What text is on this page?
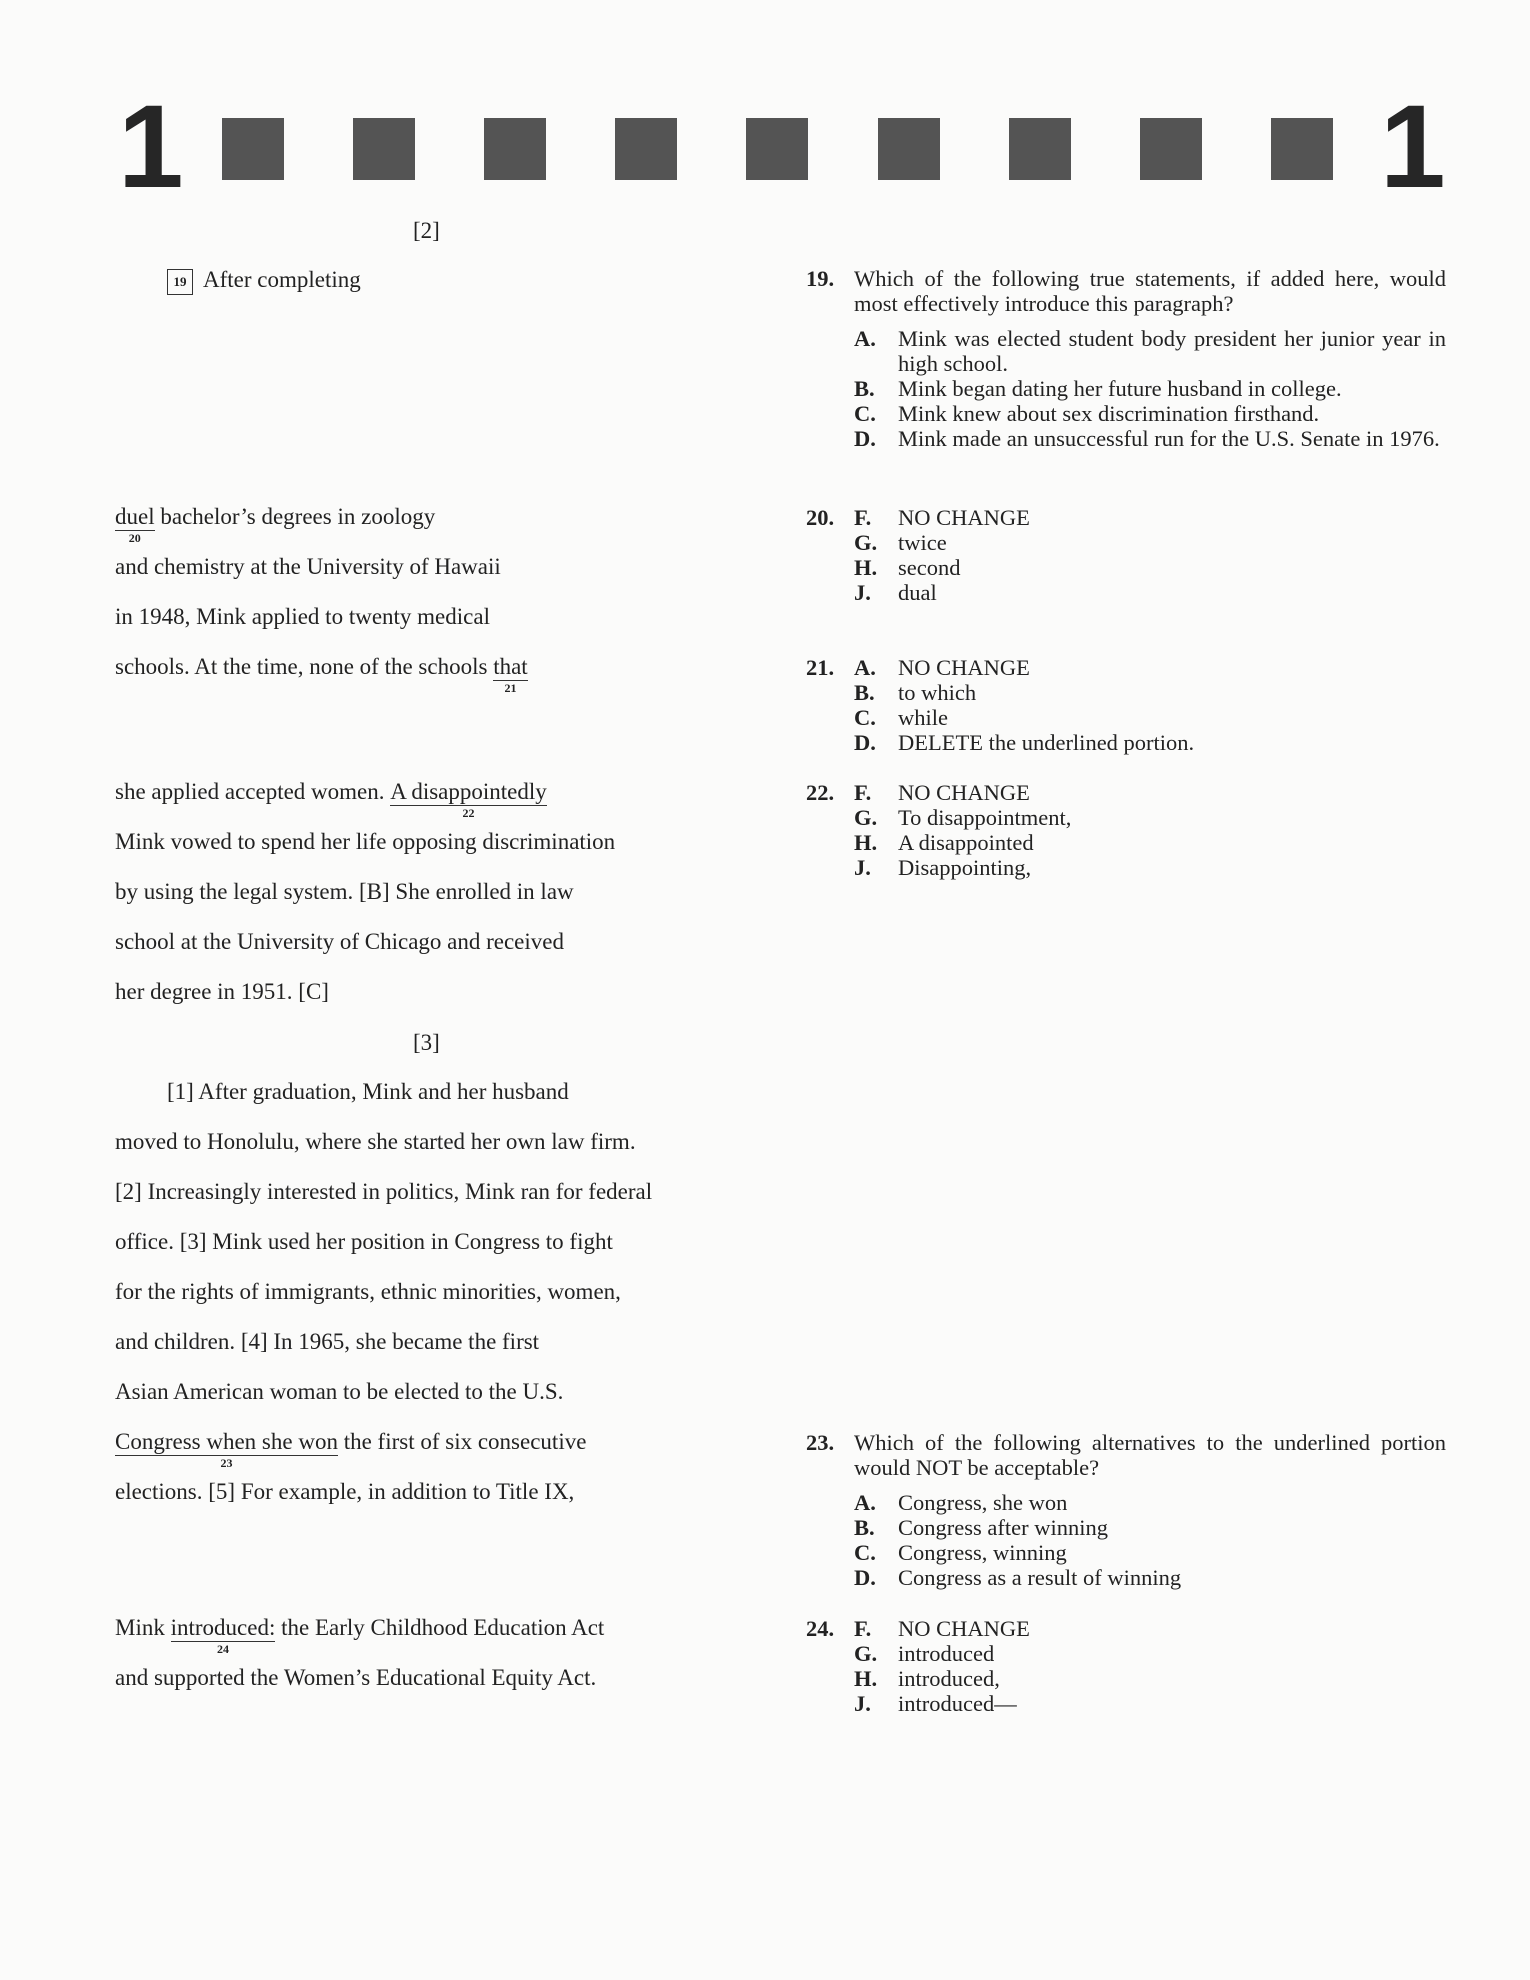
1	1
[2]
19 After completing
duel
20
bachelor’s degrees in zoology
and chemistry at the University of Hawaii
in 1948, Mink applied to twenty medical
schools. At the time, none of the schools that
21
she applied accepted women. A disappointedly
22
Mink vowed to spend her life opposing discrimination
by using the legal system. [B] She enrolled in law
school at the University of Chicago and received
her degree in 1951. [C]
[3]
[1] After graduation, Mink and her husband
moved to Honolulu, where she started her own law firm.
[2] Increasingly interested in politics, Mink ran for federal
office. [3] Mink used her position in Congress to fight
for the rights of immigrants, ethnic minorities, women,
and children. [4] In 1965, she became the first
Asian American woman to be elected to the U.S.
Congress when she won
23
the first of six consecutive
elections. [5] For example, in addition to Title IX,
Mink introduced:
24
the Early Childhood Education Act
and supported the Women’s Educational Equity Act.
19. Which of the following true statements, if added here, would most effectively introduce this paragraph?
A. Mink was elected student body president her junior year in high school.
B. Mink began dating her future husband in college.
C. Mink knew about sex discrimination firsthand.
D. Mink made an unsuccessful run for the U.S. Senate in 1976.
20. F. NO CHANGE
G. twice
H. second
J. dual
21. A. NO CHANGE
B. to which
C. while
D. DELETE the underlined portion.
22. F. NO CHANGE
G. To disappointment,
H. A disappointed
J. Disappointing,
23. Which of the following alternatives to the underlined portion would NOT be acceptable?
A. Congress, she won
B. Congress after winning
C. Congress, winning
D. Congress as a result of winning
24. F. NO CHANGE
G. introduced
H. introduced,
J. introduced—
